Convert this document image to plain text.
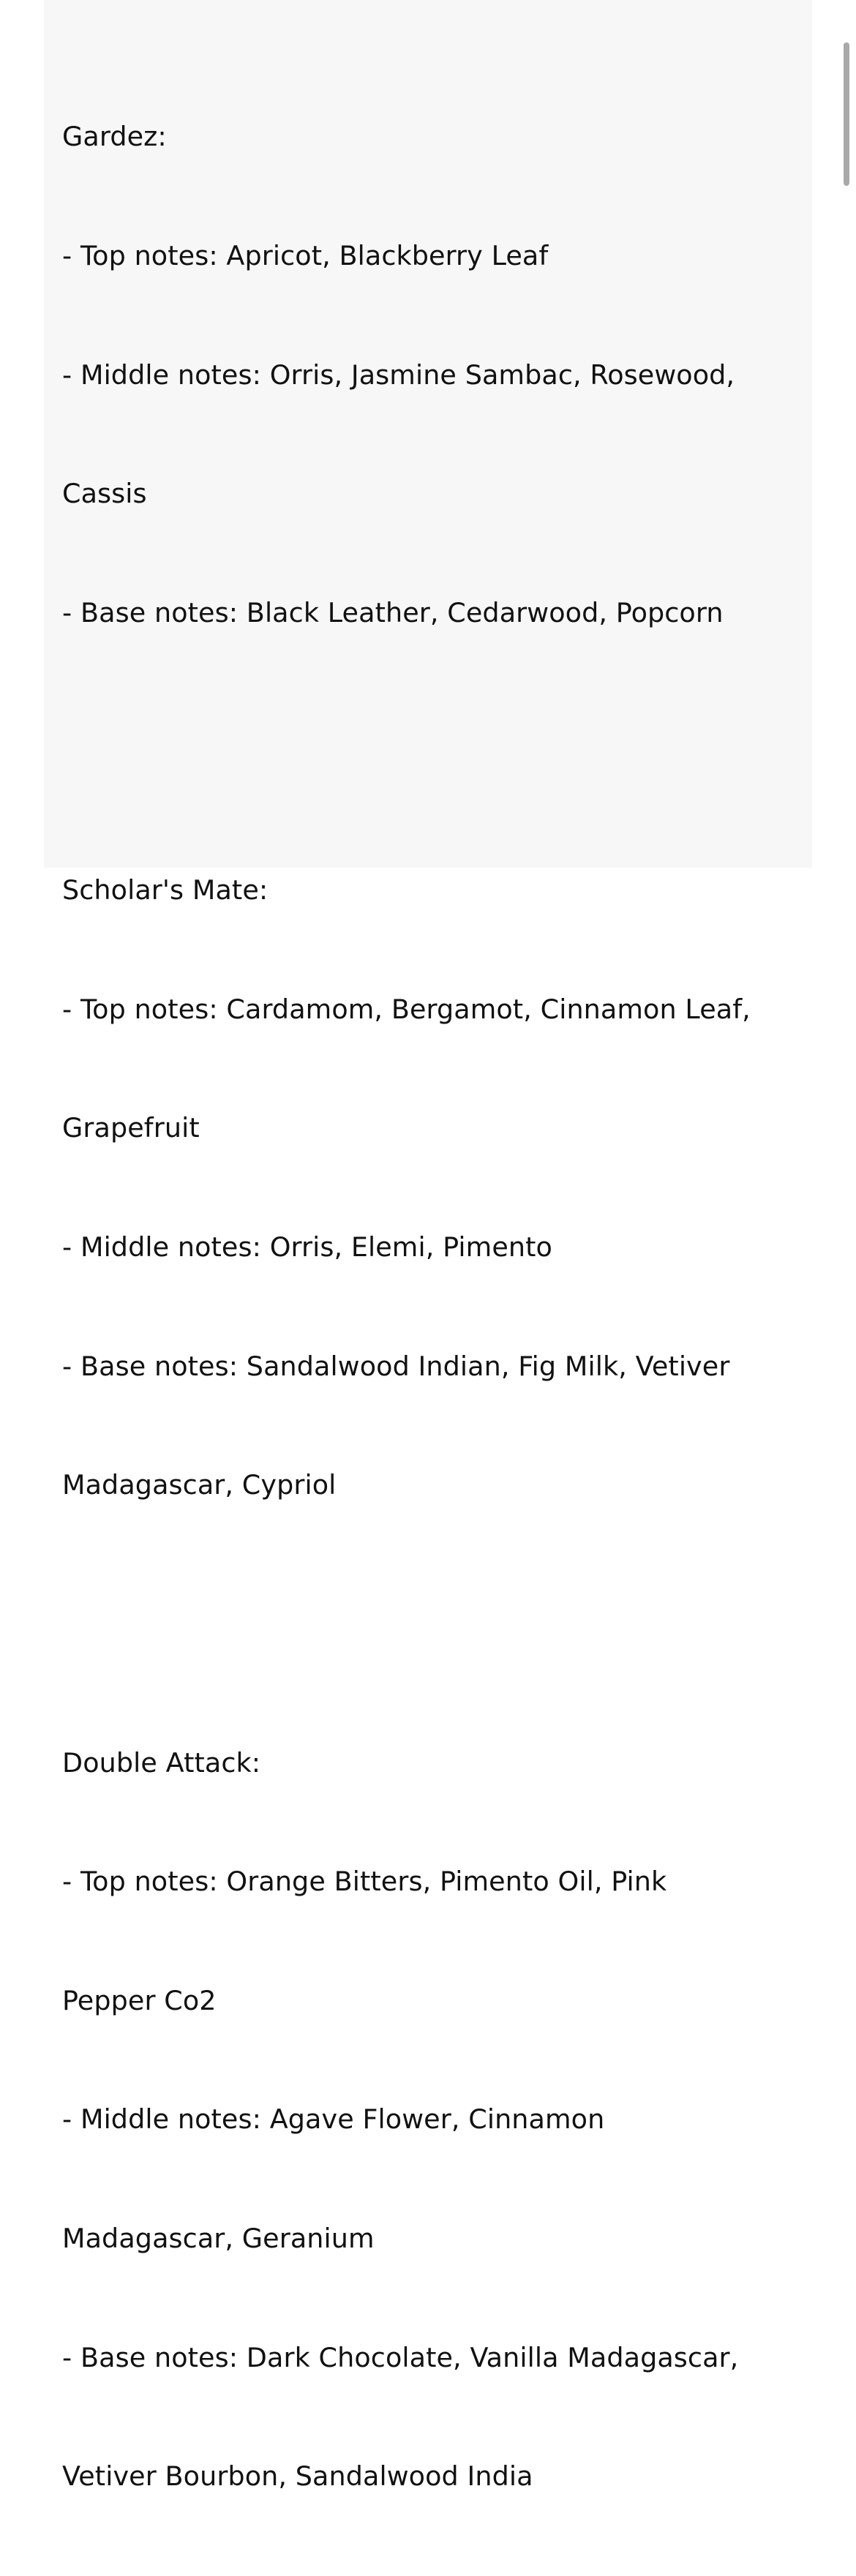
Gardez:

- Top notes: Apricot, Blackberry Leaf

- Middle notes: Orris, Jasmine Sambac, Rosewood,

Cassis

- Base notes: Black Leather, Cedarwood, Popcorn

Scholar's Mate:

- Top notes: Cardamom, Bergamot, Cinnamon Leaf,

Grapefruit

- Middle notes: Orris, Elemi, Pimento

- Base notes: Sandalwood Indian, Fig Milk, Vetiver

Madagascar, Cypriol

Double Attack:

- Top notes: Orange Bitters, Pimento Oil, Pink

Pepper Co2

- Middle notes: Agave Flower, Cinnamon

Madagascar, Geranium

- Base notes: Dark Chocolate, Vanilla Madagascar,

Vetiver Bourbon, Sandalwood India
